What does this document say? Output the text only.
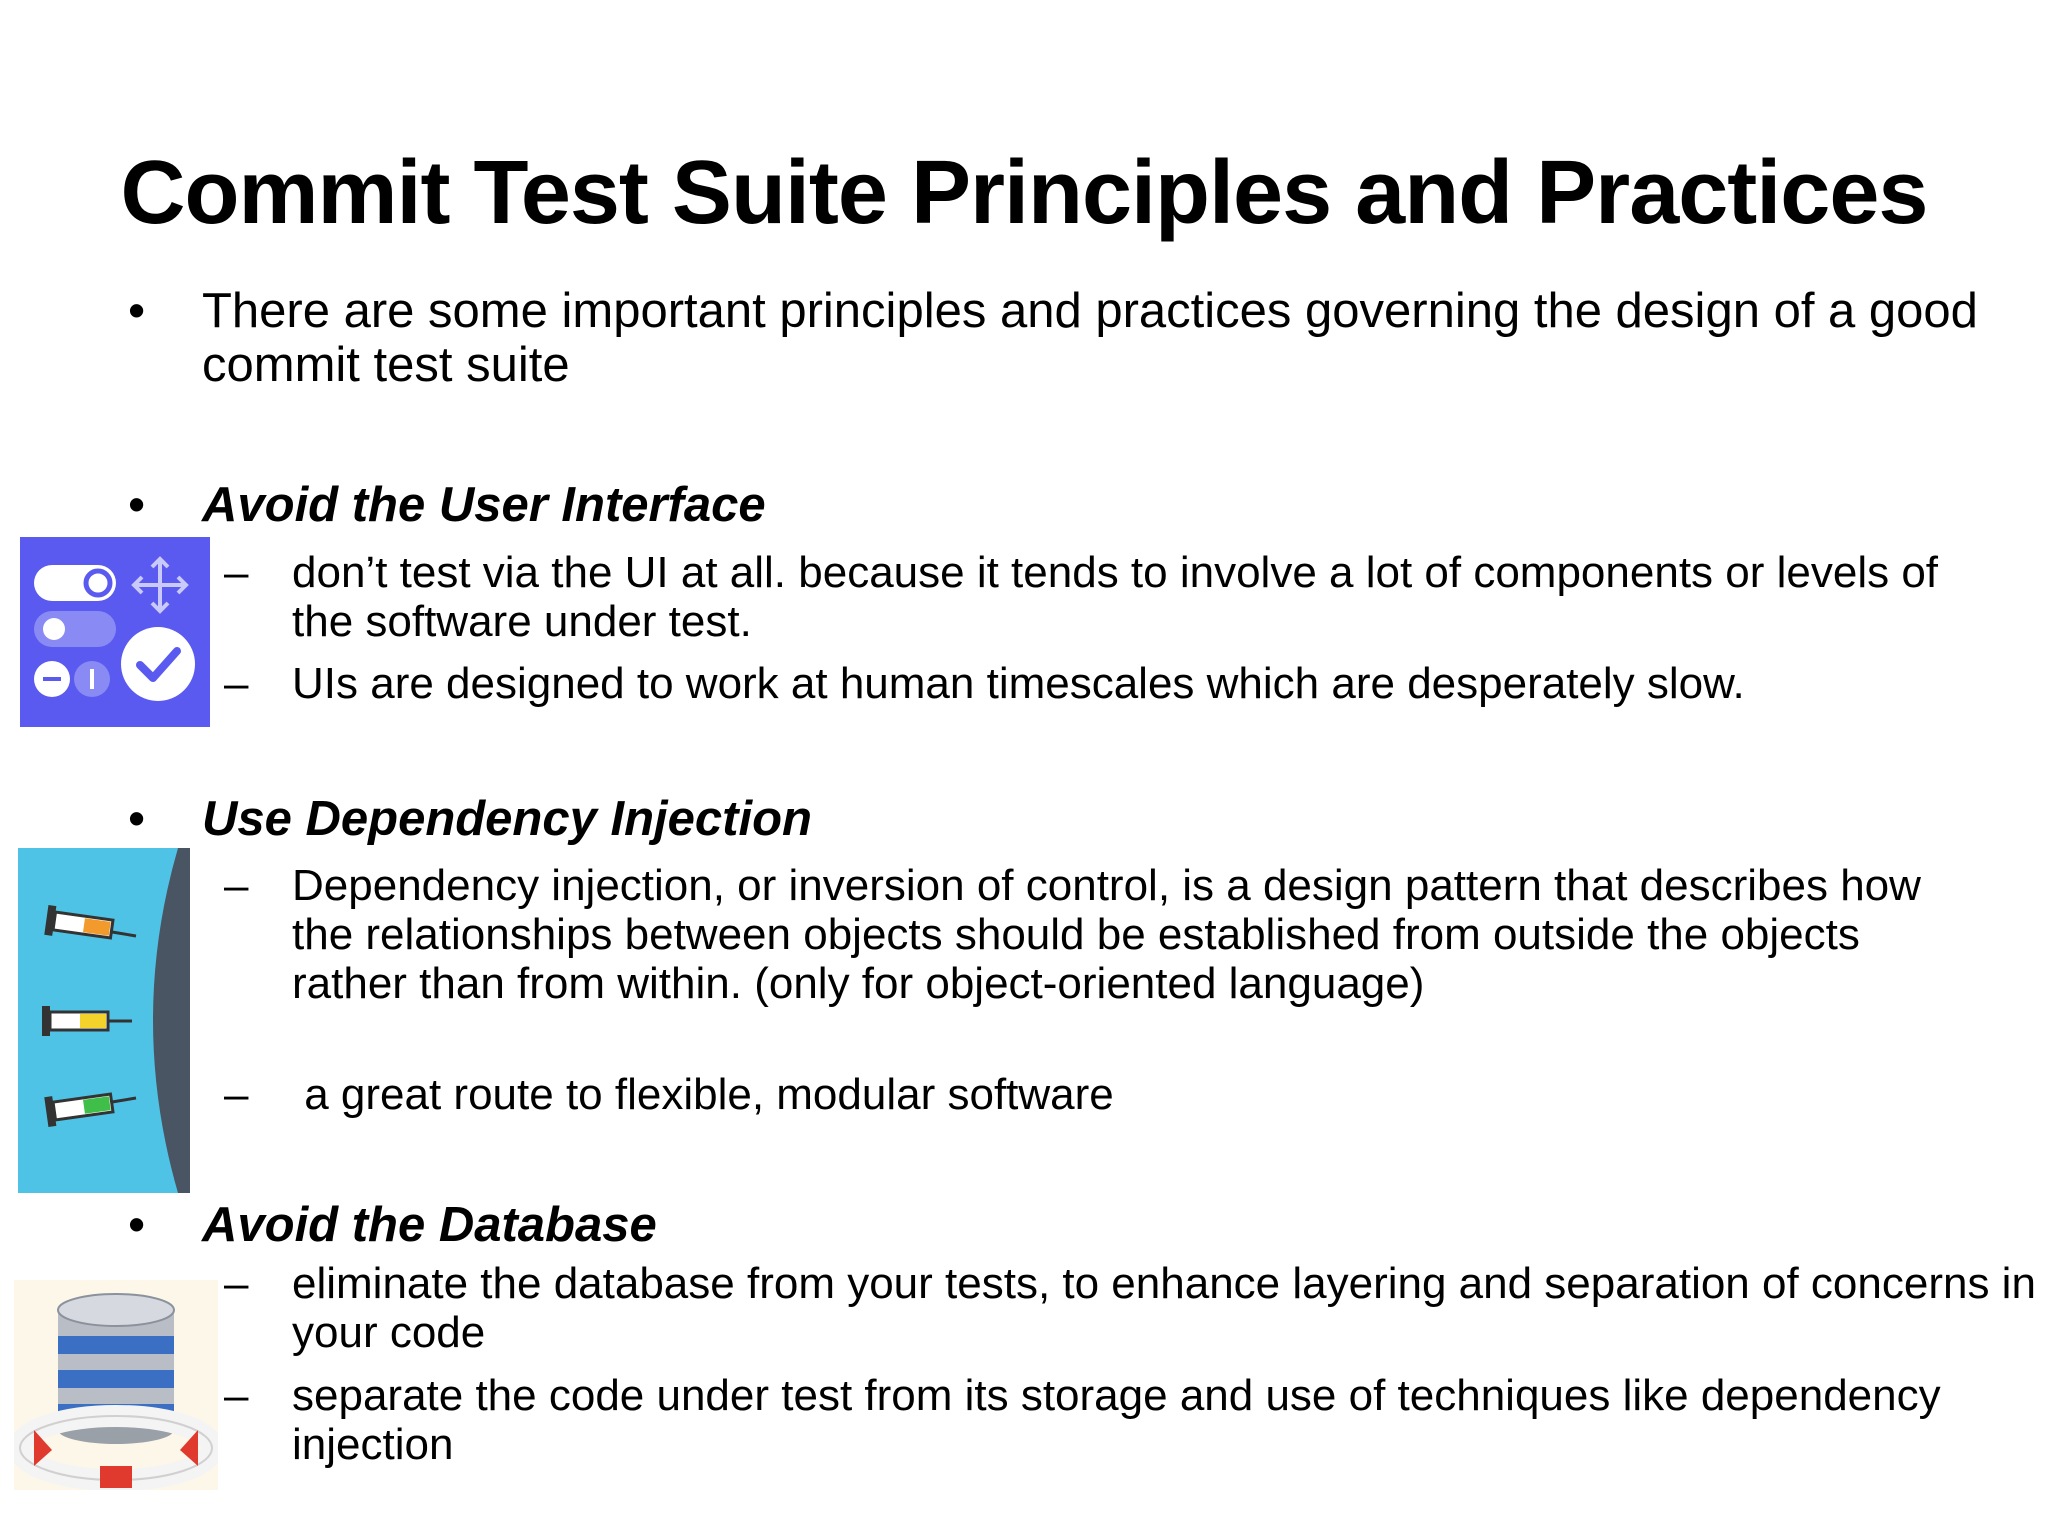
Commit Test Suite Principles and Practices
•	There are some important principles and practices governing the design of a good commit test suite
•	Avoid the User Interface
– don’t test via the UI at all. because it tends to involve a lot of components or levels of the software under test.
– UIs are designed to work at human timescales which are desperately slow.
•	Use Dependency Injection
– Dependency injection, or inversion of control, is a design pattern that describes how the relationships between objects should be established from outside the objects rather than from within. (only for object-oriented language)
– a great route to flexible, modular software
•	Avoid the Database
– eliminate the database from your tests, to enhance layering and separation of concerns in your code
– separate the code under test from its storage and use of techniques like dependency injection
